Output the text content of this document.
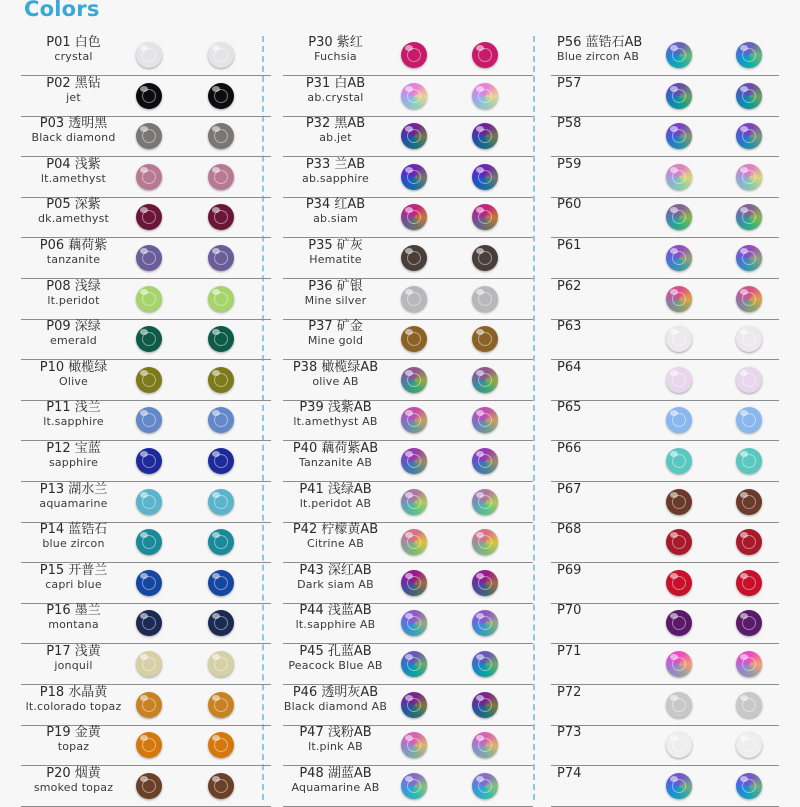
Colors
P01 白色
crystal
P02 黑钻
jet
P03 透明黑
Black diamond
P04 浅紫
lt.amethyst
P05 深紫
dk.amethyst
P06 藕荷紫
tanzanite
P08 浅绿
lt.peridot
P09 深绿
emerald
P10 橄榄绿
Olive
P11 浅兰
lt.sapphire
P12 宝蓝
sapphire
P13 湖水兰
aquamarine
P14 蓝锆石
blue zircon
P15 开普兰
capri blue
P16 墨兰
montana
P17 浅黄
jonquil
P18 水晶黄
lt.colorado topaz
P19 金黄
topaz
P20 烟黄
smoked topaz
P30 紫红
Fuchsia
P31 白AB
ab.crystal
P32 黑AB
ab.jet
P33 兰AB
ab.sapphire
P34 红AB
ab.siam
P35 矿灰
Hematite
P36 矿银
Mine silver
P37 矿金
Mine gold
P38 橄榄绿AB
olive AB
P39 浅紫AB
lt.amethyst AB
P40 藕荷紫AB
Tanzanite AB
P41 浅绿AB
lt.peridot AB
P42 柠檬黄AB
Citrine AB
P43 深红AB
Dark siam AB
P44 浅蓝AB
lt.sapphire AB
P45 孔蓝AB
Peacock Blue AB
P46 透明灰AB
Black diamond AB
P47 浅粉AB
lt.pink AB
P48 湖蓝AB
Aquamarine AB
P56 蓝锆石AB
Blue zircon AB
P57
P58
P59
P60
P61
P62
P63
P64
P65
P66
P67
P68
P69
P70
P71
P72
P73
P74
